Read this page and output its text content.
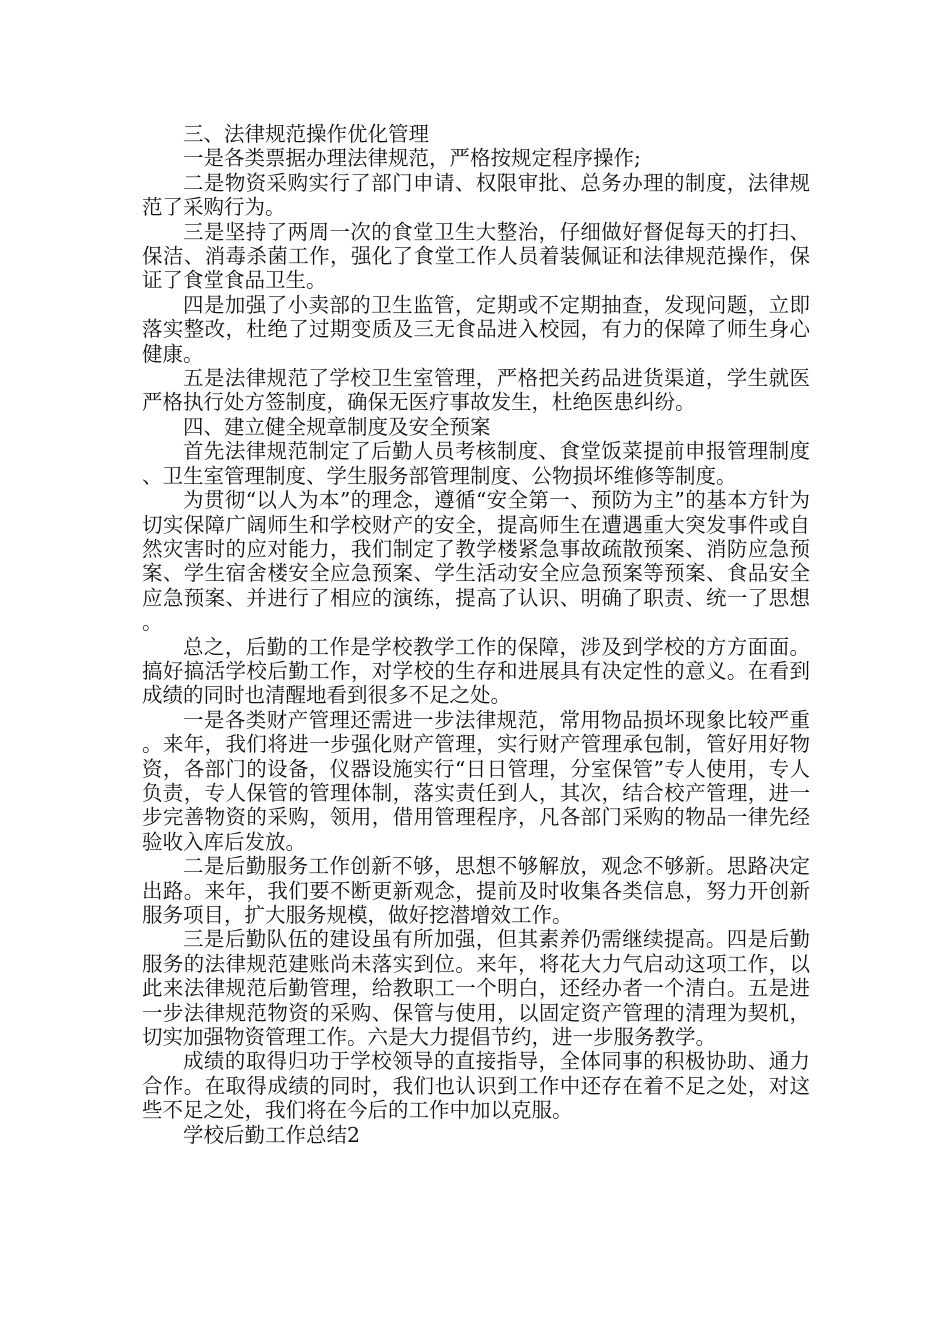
三、法律规范操作优化管理

一是各类票据办理法律规范，严格按规定程序操作;

二是物资采购实行了部门申请、权限审批、总务办理的制度，法律规范了采购行为。

三是坚持了两周一次的食堂卫生大整治，仔细做好督促每天的打扫、保洁、消毒杀菌工作，强化了食堂工作人员着装佩证和法律规范操作，保证了食堂食品卫生。

四是加强了小卖部的卫生监管，定期或不定期抽查，发现问题，立即落实整改，杜绝了过期变质及三无食品进入校园，有力的保障了师生身心健康。

五是法律规范了学校卫生室管理，严格把关药品进货渠道，学生就医严格执行处方签制度，确保无医疗事故发生，杜绝医患纠纷。

四、建立健全规章制度及安全预案

首先法律规范制定了后勤人员考核制度、食堂饭菜提前申报管理制度、卫生室管理制度、学生服务部管理制度、公物损坏维修等制度。

为贯彻“以人为本”的理念，遵循“安全第一、预防为主”的基本方针为切实保障广阔师生和学校财产的安全，提高师生在遭遇重大突发事件或自然灾害时的应对能力，我们制定了教学楼紧急事故疏散预案、消防应急预案、学生宿舍楼安全应急预案、学生活动安全应急预案等预案、食品安全应急预案、并进行了相应的演练，提高了认识、明确了职责、统一了思想。

总之，后勤的工作是学校教学工作的保障，涉及到学校的方方面面。搞好搞活学校后勤工作，对学校的生存和进展具有决定性的意义。在看到成绩的同时也清醒地看到很多不足之处。

一是各类财产管理还需进一步法律规范，常用物品损坏现象比较严重。来年，我们将进一步强化财产管理，实行财产管理承包制，管好用好物资，各部门的设备，仪器设施实行“日日管理，分室保管”专人使用，专人负责，专人保管的管理体制，落实责任到人，其次，结合校产管理，进一步完善物资的采购，领用，借用管理程序，凡各部门采购的物品一律先经验收入库后发放。

二是后勤服务工作创新不够，思想不够解放，观念不够新。思路决定出路。来年，我们要不断更新观念，提前及时收集各类信息，努力开创新服务项目，扩大服务规模，做好挖潜增效工作。

三是后勤队伍的建设虽有所加强，但其素养仍需继续提高。四是后勤服务的法律规范建账尚未落实到位。来年，将花大力气启动这项工作，以此来法律规范后勤管理，给教职工一个明白，还经办者一个清白。五是进一步法律规范物资的采购、保管与使用，以固定资产管理的清理为契机，切实加强物资管理工作。六是大力提倡节约，进一步服务教学。

成绩的取得归功于学校领导的直接指导，全体同事的积极协助、通力合作。在取得成绩的同时，我们也认识到工作中还存在着不足之处，对这些不足之处，我们将在今后的工作中加以克服。

学校后勤工作总结2
